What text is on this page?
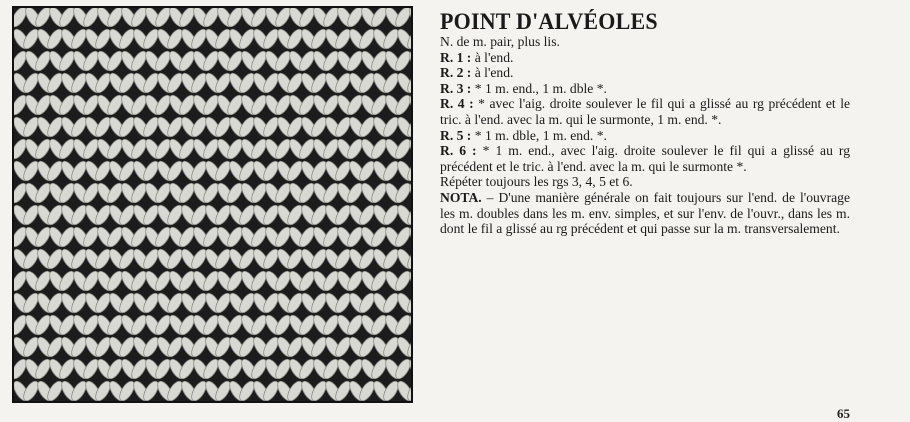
POINT D'ALVÉOLES
N. de m. pair, plus lis.
R. 1 : à l'end.
R. 2 : à l'end.
R. 3 : * 1 m. end., 1 m. dble *.
R. 4 : * avec l'aig. droite soulever le fil qui a glissé au rg précédent et le tric. à l'end. avec la m. qui le surmonte, 1 m. end. *.
R. 5 : * 1 m. dble, 1 m. end. *.
R. 6 : * 1 m. end., avec l'aig. droite soulever le fil qui a glissé au rg précédent et le tric. à l'end. avec la m. qui le surmonte *.
Répéter toujours les rgs 3, 4, 5 et 6.
NOTA. – D'une manière générale on fait toujours sur l'end. de l'ouvrage les m. doubles dans les m. env. simples, et sur l'env. de l'ouvr., dans les m. dont le fil a glissé au rg précédent et qui passe sur la m. transversalement.
65
